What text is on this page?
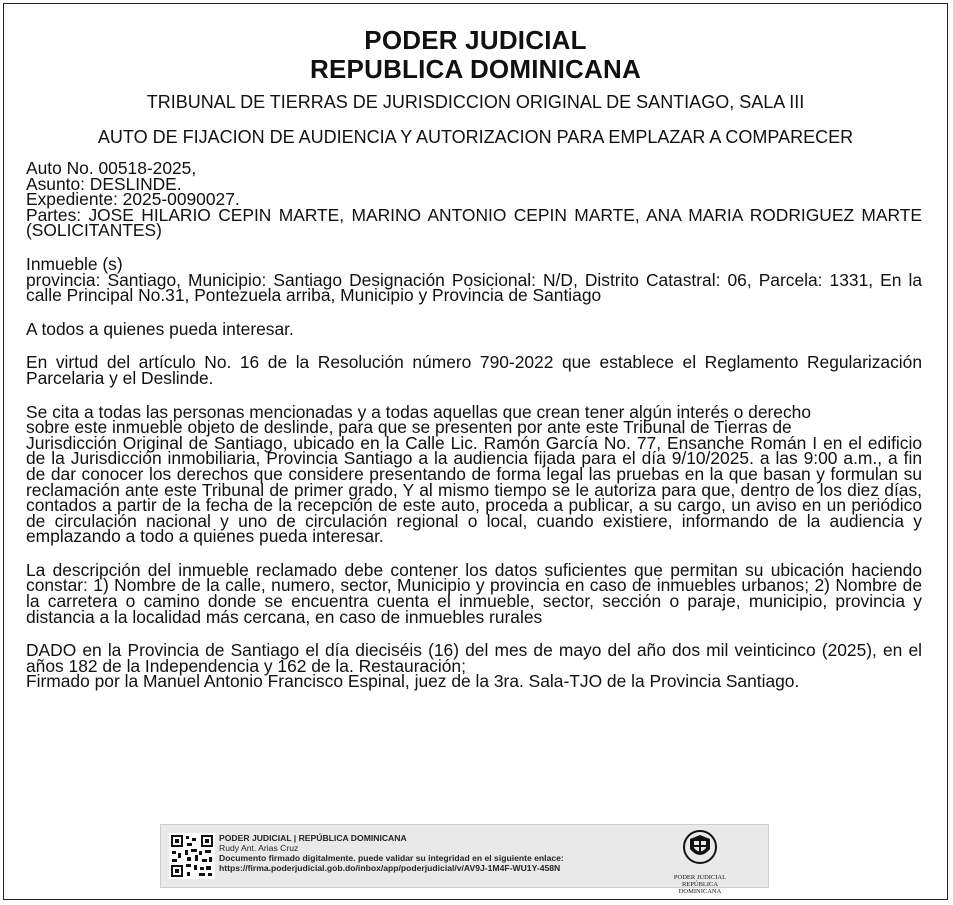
PODER JUDICIAL
REPUBLICA DOMINICANA
TRIBUNAL DE TIERRAS DE JURISDICCION ORIGINAL DE SANTIAGO, SALA III
AUTO DE FIJACION DE AUDIENCIA Y AUTORIZACION PARA EMPLAZAR A COMPARECER

Auto No. 00518-2025,
Asunto: DESLINDE.
Expediente: 2025-0090027.
Partes: JOSE HILARIO CEPIN MARTE, MARINO ANTONIO CEPIN MARTE, ANA MARIA RODRIGUEZ MARTE (SOLICITANTES)

Inmueble (s)
provincia: Santiago, Municipio: Santiago Designación Posicional: N/D, Distrito Catastral: 06, Parcela: 1331, En la calle Principal No.31, Pontezuela arriba, Municipio y Provincia de Santiago

A todos a quienes pueda interesar.

En virtud del artículo No. 16 de la Resolución número 790-2022 que establece el Reglamento Regularización Parcelaria y el Deslinde.

Se cita a todas las personas mencionadas y a todas aquellas que crean tener algún interés o derecho
sobre este inmueble objeto de deslinde, para que se presenten por ante este Tribunal de Tierras de
Jurisdicción Original de Santiago, ubicado en la Calle Lic. Ramón García No. 77, Ensanche Román I en el edificio de la Jurisdicción inmobiliaria, Provincia Santiago a la audiencia fijada para el día 9/10/2025. a las 9:00 a.m., a fin de dar conocer los derechos que considere presentando de forma legal las pruebas en la que basan y formulan su reclamación ante este Tribunal de primer grado, Y al mismo tiempo se le autoriza para que, dentro de los diez días, contados a partir de la fecha de la recepción de este auto, proceda a publicar, a su cargo, un aviso en un periódico de circulación nacional y uno de circulación regional o local, cuando existiere, informando de la audiencia y emplazando a todo a quienes pueda interesar.

La descripción del inmueble reclamado debe contener los datos suficientes que permitan su ubicación haciendo constar: 1) Nombre de la calle, numero, sector, Municipio y provincia en caso de inmuebles urbanos; 2) Nombre de la carretera o camino donde se encuentra cuenta el inmueble, sector, sección o paraje, municipio, provincia y distancia a la localidad más cercana, en caso de inmuebles rurales

DADO en la Provincia de Santiago el día dieciséis (16) del mes de mayo del año dos mil veinticinco (2025), en el años 182 de la Independencia y 162 de la. Restauración;
Firmado por la Manuel Antonio Francisco Espinal, juez de la 3ra. Sala-TJO de la Provincia Santiago.

PODER JUDICIAL | REPÚBLICA DOMINICANA
Rudy Ant. Arias Cruz
Documento firmado digitalmente. puede validar su integridad en el siguiente enlace:
https://firma.poderjudicial.gob.do/inbox/app/poderjudicial/v/AV9J-1M4F-WU1Y-458N
PODER JUDICIAL
REPÚBLICA DOMINICANA
